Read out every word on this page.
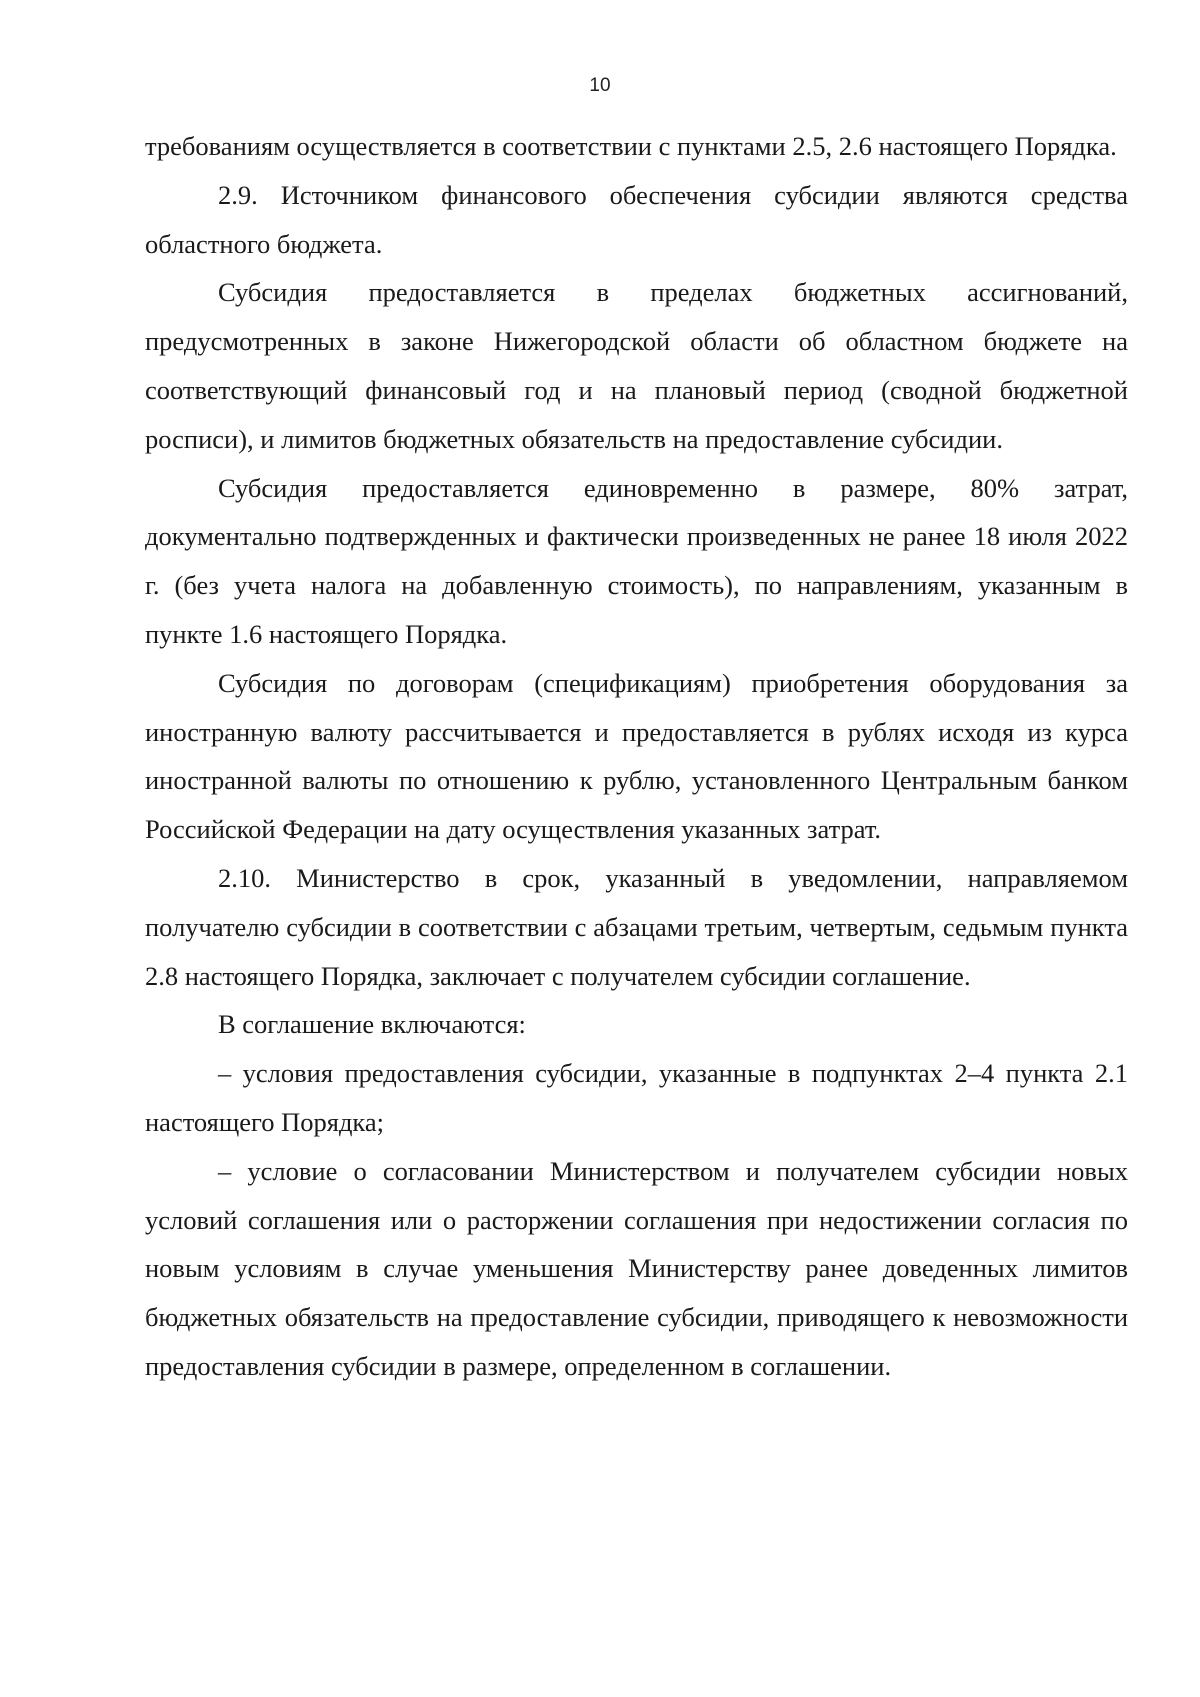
10

требованиям осуществляется в соответствии с пунктами 2.5, 2.6 настоящего Порядка.

2.9. Источником финансового обеспечения субсидии являются средства областного бюджета.

Субсидия предоставляется в пределах бюджетных ассигнований, предусмотренных в законе Нижегородской области об областном бюджете на соответствующий финансовый год и на плановый период (сводной бюджетной росписи), и лимитов бюджетных обязательств на предоставление субсидии.

Субсидия предоставляется единовременно в размере, 80% затрат, документально подтвержденных и фактически произведенных не ранее 18 июля 2022 г. (без учета налога на добавленную стоимость), по направлениям, указанным в пункте 1.6 настоящего Порядка.

Субсидия по договорам (спецификациям) приобретения оборудования за иностранную валюту рассчитывается и предоставляется в рублях исходя из курса иностранной валюты по отношению к рублю, установленного Центральным банком Российской Федерации на дату осуществления указанных затрат.

2.10. Министерство в срок, указанный в уведомлении, направляемом получателю субсидии в соответствии с абзацами третьим, четвертым, седьмым пункта 2.8 настоящего Порядка, заключает с получателем субсидии соглашение.

В соглашение включаются:

– условия предоставления субсидии, указанные в подпунктах 2–4 пункта 2.1 настоящего Порядка;

– условие о согласовании Министерством и получателем субсидии новых условий соглашения или о расторжении соглашения при недостижении согласия по новым условиям в случае уменьшения Министерству ранее доведенных лимитов бюджетных обязательств на предоставление субсидии, приводящего к невозможности предоставления субсидии в размере, определенном в соглашении.
